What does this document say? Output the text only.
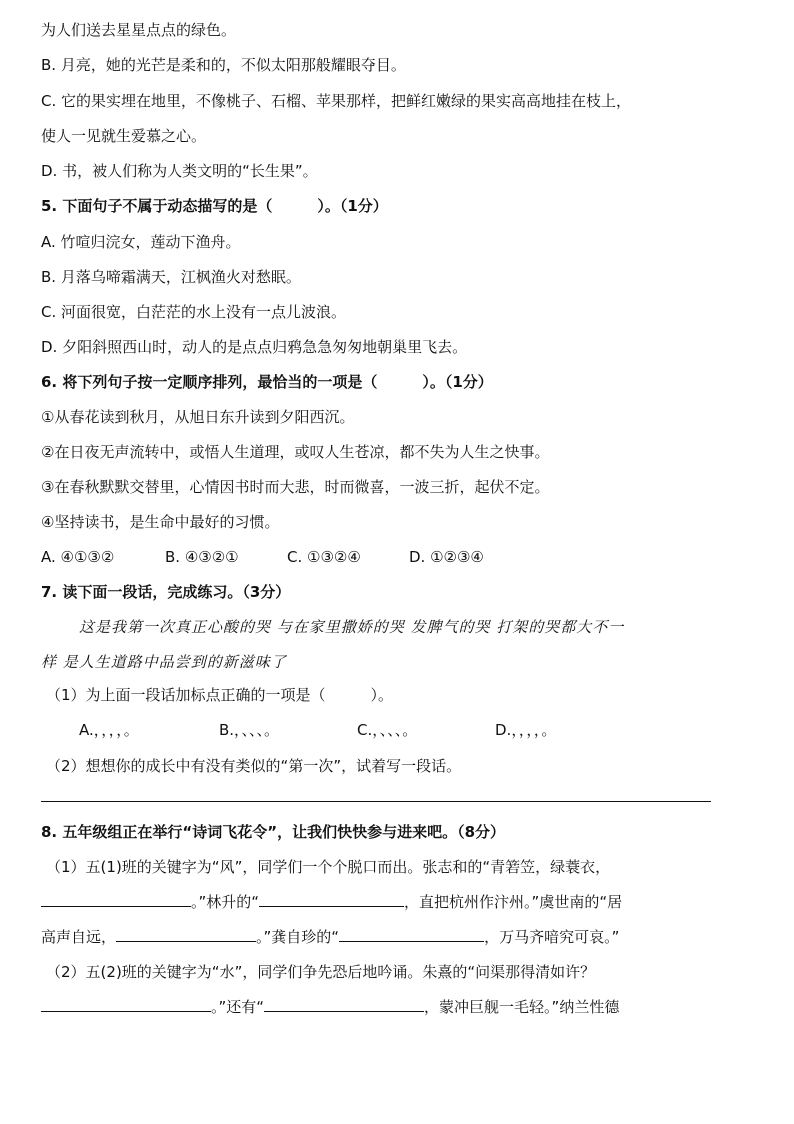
为人们送去星星点点的绿色。
B. 月亮，她的光芒是柔和的，不似太阳那般耀眼夺目。
C. 它的果实埋在地里，不像桃子、石榴、苹果那样，把鲜红嫩绿的果实高高地挂在枝上，
使人一见就生爱慕之心。
D. 书，被人们称为人类文明的“长生果”。
5. 下面句子不属于动态描写的是（　　　）。（1分）
A. 竹喧归浣女，莲动下渔舟。
B. 月落乌啼霜满天，江枫渔火对愁眠。
C. 河面很宽，白茫茫的水上没有一点儿波浪。
D. 夕阳斜照西山时，动人的是点点归鸦急急匆匆地朝巢里飞去。
6. 将下列句子按一定顺序排列，最恰当的一项是（　　　）。（1分）
①从春花读到秋月，从旭日东升读到夕阳西沉。
②在日夜无声流转中，或悟人生道理，或叹人生苍凉，都不失为人生之快事。
③在春秋默默交替里，心情因书时而大悲，时而微喜，一波三折，起伏不定。
④坚持读书，是生命中最好的习惯。
A. ④①③②	B. ④③②①	C. ①③②④	D. ①②③④
7. 读下面一段话，完成练习。（3分）
这是我第一次真正心酸的哭 与在家里撒娇的哭 发脾气的哭 打架的哭都大不一
样 是人生道路中品尝到的新滋味了
（1）为上面一段话加标点正确的一项是（　　　）。
A.，，，，。	B.，、、、。	C.，、、、。	D.，，，，。
（2）想想你的成长中有没有类似的“第一次”，试着写一段话。
8. 五年级组正在举行“诗词飞花令”，让我们快快参与进来吧。（8分）
（1）五(1)班的关键字为“风”，同学们一个个脱口而出。张志和的“青箬笠，绿蓑衣，
。”林升的“	，直把杭州作汴州。”虞世南的“居
高声自远，	。”龚自珍的“	，万马齐喑究可哀。”
（2）五(2)班的关键字为“水”，同学们争先恐后地吟诵。朱熹的“问渠那得清如许？
。”还有“	，蒙冲巨舰一毛轻。”纳兰性德
